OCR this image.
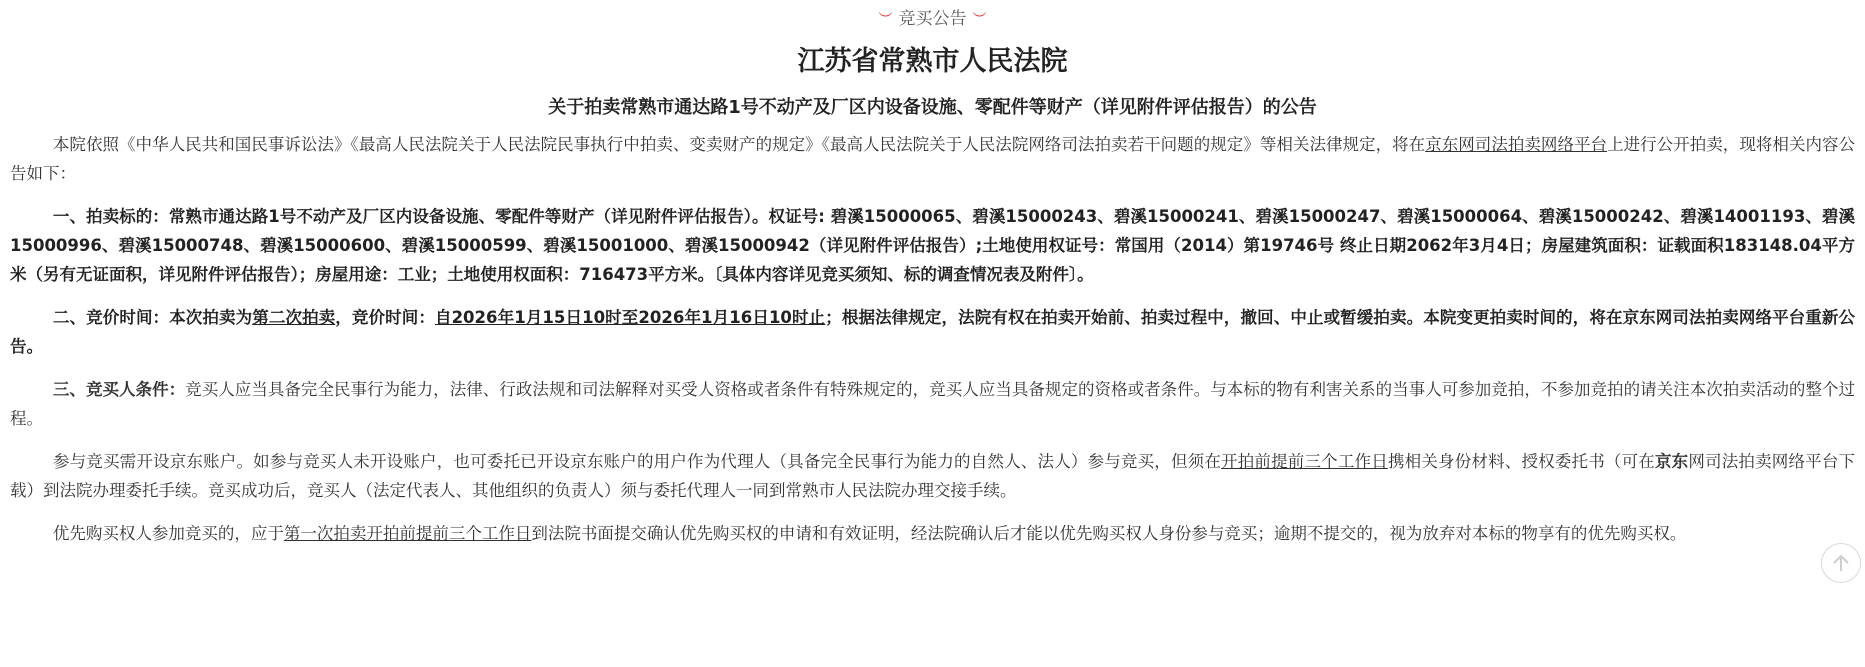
︶ 竞买公告 ︶
江苏省常熟市人民法院
关于拍卖常熟市通达路1号不动产及厂区内设备设施、零配件等财产（详见附件评估报告）的公告

本院依照《中华人民共和国民事诉讼法》《最高人民法院关于人民法院民事执行中拍卖、变卖财产的规定》《最高人民法院关于人民法院网络司法拍卖若干问题的规定》等相关法律规定，将在京东网司法拍卖网络平台上进行公开拍卖，现将相关内容公告如下：

一、拍卖标的：常熟市通达路1号不动产及厂区内设备设施、零配件等财产（详见附件评估报告）。权证号: 碧溪15000065、碧溪15000243、碧溪15000241、碧溪15000247、碧溪15000064、碧溪15000242、碧溪14001193、碧溪15000996、碧溪15000748、碧溪15000600、碧溪15000599、碧溪15001000、碧溪15000942（详见附件评估报告）;土地使用权证号：常国用（2014）第19746号 终止日期2062年3月4日；房屋建筑面积：证载面积183148.04平方米（另有无证面积，详见附件评估报告）；房屋用途：工业；土地使用权面积：716473平方米。〔具体内容详见竞买须知、标的调查情况表及附件〕。

二、竞价时间：本次拍卖为第二次拍卖，竞价时间：自2026年1月15日10时至2026年1月16日10时止；根据法律规定，法院有权在拍卖开始前、拍卖过程中，撤回、中止或暂缓拍卖。本院变更拍卖时间的，将在京东网司法拍卖网络平台重新公告。

三、竞买人条件：竞买人应当具备完全民事行为能力，法律、行政法规和司法解释对买受人资格或者条件有特殊规定的，竞买人应当具备规定的资格或者条件。与本标的物有利害关系的当事人可参加竞拍，不参加竞拍的请关注本次拍卖活动的整个过程。

参与竞买需开设京东账户。如参与竞买人未开设账户，也可委托已开设京东账户的用户作为代理人（具备完全民事行为能力的自然人、法人）参与竞买，但须在开拍前提前三个工作日携相关身份材料、授权委托书（可在京东网司法拍卖网络平台下载）到法院办理委托手续。竞买成功后，竞买人（法定代表人、其他组织的负责人）须与委托代理人一同到常熟市人民法院办理交接手续。

优先购买权人参加竞买的，应于第一次拍卖开拍前提前三个工作日到法院书面提交确认优先购买权的申请和有效证明，经法院确认后才能以优先购买权人身份参与竞买；逾期不提交的，视为放弃对本标的物享有的优先购买权。
